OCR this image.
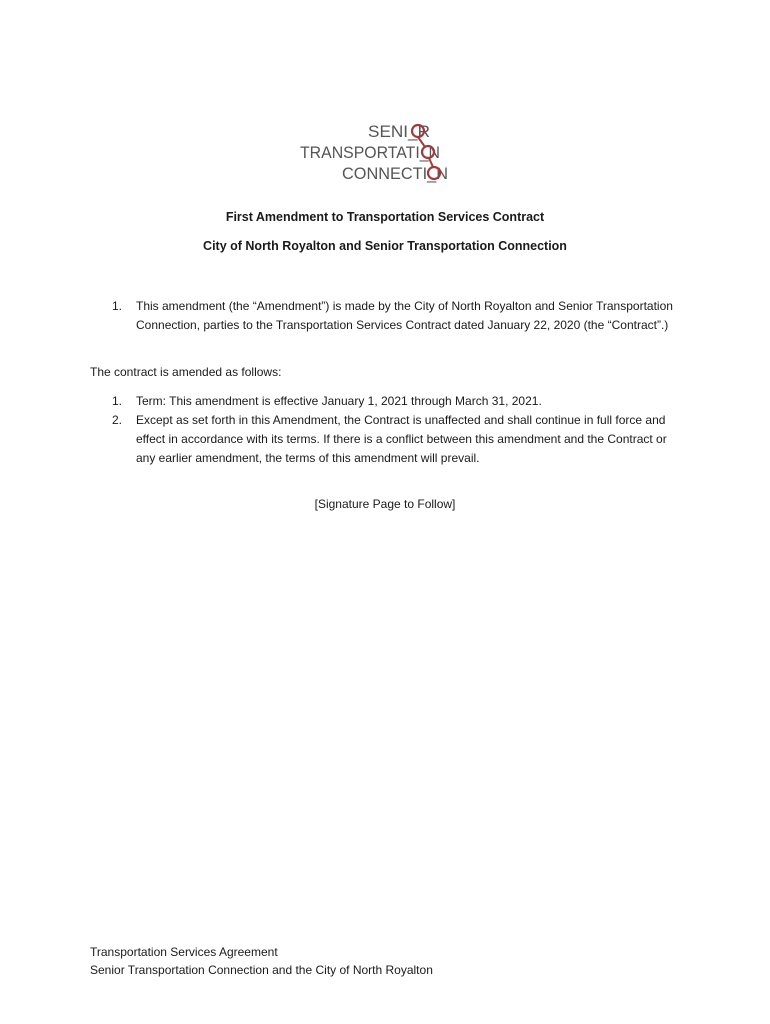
SENI_R
TRANSPORTATI_N
CONNECTI_N
First Amendment to Transportation Services Contract
City of North Royalton and Senior Transportation Connection
1.	This amendment (the “Amendment”) is made by the City of North Royalton and Senior Transportation Connection, parties to the Transportation Services Contract dated January 22, 2020 (the “Contract”.)
The contract is amended as follows:
1.	Term: This amendment is effective January 1, 2021 through March 31, 2021.
2.	Except as set forth in this Amendment, the Contract is unaffected and shall continue in full force and effect in accordance with its terms. If there is a conflict between this amendment and the Contract or any earlier amendment, the terms of this amendment will prevail.
[Signature Page to Follow]
Transportation Services Agreement
Senior Transportation Connection and the City of North Royalton
